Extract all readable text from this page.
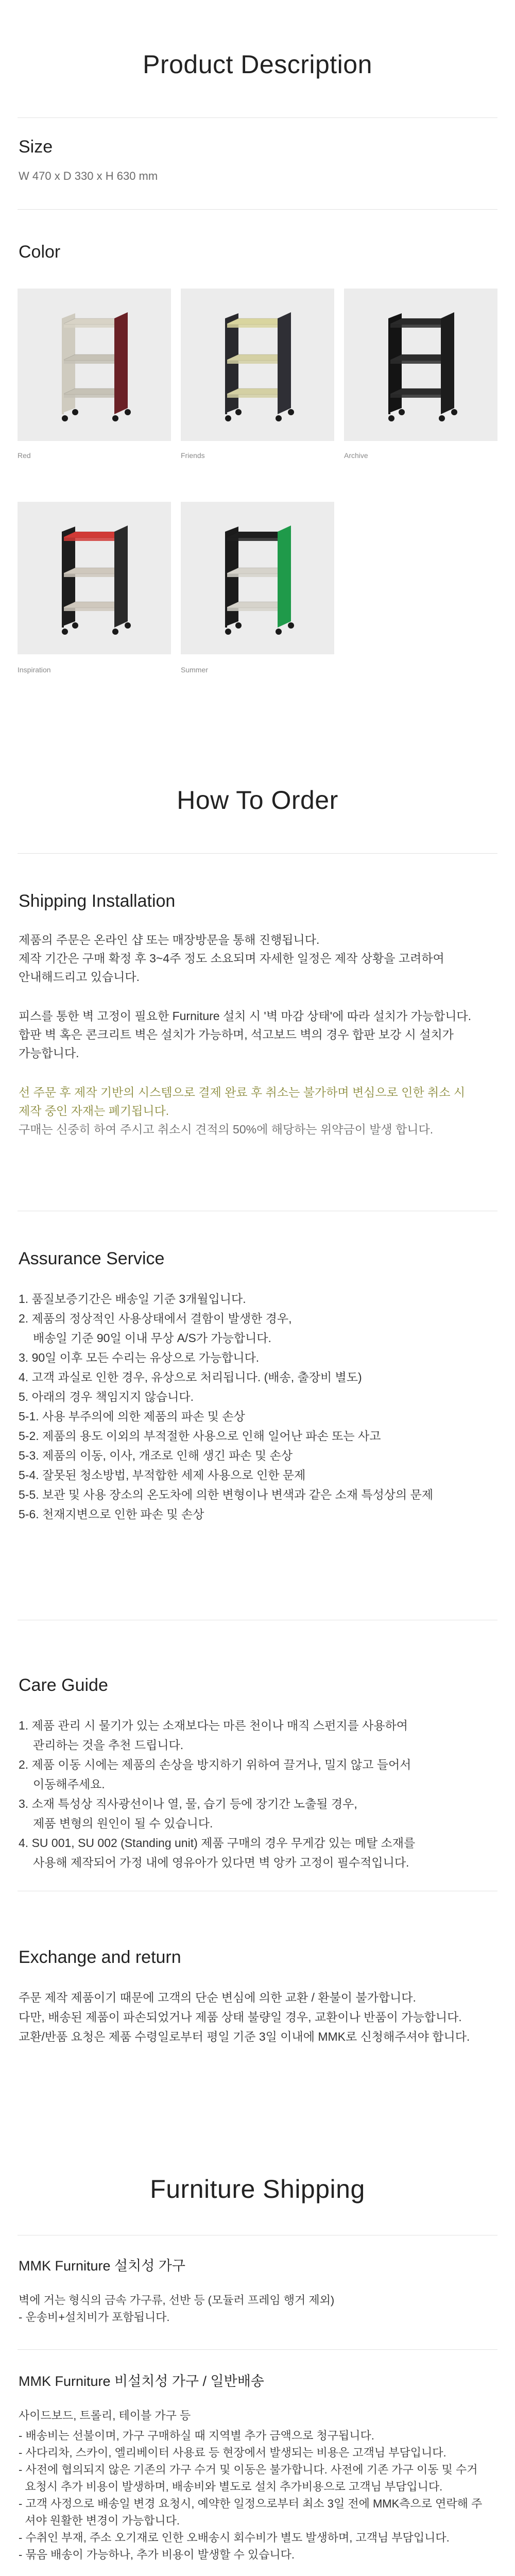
Product Description
Size
W 470 x D 330 x H 630 mm
Color
Red	Friends	Archive
Inspiration	Summer
How To Order
Shipping Installation

제품의 주문은 온라인 샵 또는 매장방문을 통해 진행됩니다.

제작 기간은 구매 확정 후 3~4주 정도 소요되며 자세한 일정은 제작 상황을 고려하여

안내해드리고 있습니다.

피스를 통한 벽 고정이 필요한 Furniture 설치 시 '벽 마감 상태'에 따라 설치가 가능합니다.

합판 벽 혹은 콘크리트 벽은 설치가 가능하며, 석고보드 벽의 경우 합판 보강 시 설치가

가능합니다.

선 주문 후 제작 기반의 시스템으로 결제 완료 후 취소는 불가하며 변심으로 인한 취소 시

제작 중인 자재는 폐기됩니다.

구매는 신중히 하여 주시고 취소시 견적의 50%에 해당하는 위약금이 발생 합니다.

Assurance Service

1. 품질보증기간은 배송일 기준 3개월입니다.

2. 제품의 정상적인 사용상태에서 결함이 발생한 경우,

배송일 기준 90일 이내 무상 A/S가 가능합니다.

3. 90일 이후 모든 수리는 유상으로 가능합니다.

4. 고객 과실로 인한 경우, 유상으로 처리됩니다. (배송, 출장비 별도)

5. 아래의 경우 책임지지 않습니다.

5-1. 사용 부주의에 의한 제품의 파손 및 손상

5-2. 제품의 용도 이외의 부적절한 사용으로 인해 일어난 파손 또는 사고

5-3. 제품의 이동, 이사, 개조로 인해 생긴 파손 및 손상

5-4. 잘못된 청소방법, 부적합한 세제 사용으로 인한 문제

5-5. 보관 및 사용 장소의 온도차에 의한 변형이나 변색과 같은 소재 특성상의 문제

5-6. 천재지변으로 인한 파손 및 손상

Care Guide

1. 제품 관리 시 물기가 있는 소재보다는 마른 천이나 매직 스펀지를 사용하여

관리하는 것을 추천 드립니다.

2. 제품 이동 시에는 제품의 손상을 방지하기 위하여 끌거나, 밀지 않고 들어서

이동해주세요.

3. 소재 특성상 직사광선이나 열, 물, 습기 등에 장기간 노출될 경우,

제품 변형의 원인이 될 수 있습니다.

4. SU 001, SU 002 (Standing unit) 제품 구매의 경우 무게감 있는 메탈 소재를

사용해 제작되어 가정 내에 영유아가 있다면 벽 앙카 고정이 필수적입니다.

Exchange and return

주문 제작 제품이기 때문에 고객의 단순 변심에 의한 교환 / 환불이 불가합니다.

다만, 배송된 제품이 파손되었거나 제품 상태 불량일 경우, 교환이나 반품이 가능합니다.

교환/반품 요청은 제품 수령일로부터 평일 기준 3일 이내에 MMK로 신청해주셔야 합니다.

Furniture Shipping
MMK Furniture 설치성 가구

벽에 거는 형식의 금속 가구류, 선반 등 (모듈러 프레임 행거 제외)

- 운송비+설치비가 포함됩니다.

MMK Furniture 비설치성 가구 / 일반배송

사이드보드, 트롤리, 테이블 가구 등

- 배송비는 선불이며, 가구 구매하실 때 지역별 추가 금액으로 청구됩니다.

- 사다리차, 스카이, 엘리베이터 사용료 등 현장에서 발생되는 비용은 고객님 부담입니다.

- 사전에 협의되지 않은 기존의 가구 수거 및 이동은 불가합니다. 사전에 기존 가구 이동 및 수거

요청시 추가 비용이 발생하며, 배송비와 별도로 설치 추가비용으로 고객님 부담입니다.

- 고객 사정으로 배송일 변경 요청시, 예약한 일정으로부터 최소 3일 전에 MMK측으로 연락해 주

셔야 원활한 변경이 가능합니다.

- 수취인 부재, 주소 오기재로 인한 오배송시 회수비가 별도 발생하며, 고객님 부담입니다.

- 묶음 배송이 가능하나, 추가 비용이 발생할 수 있습니다.
